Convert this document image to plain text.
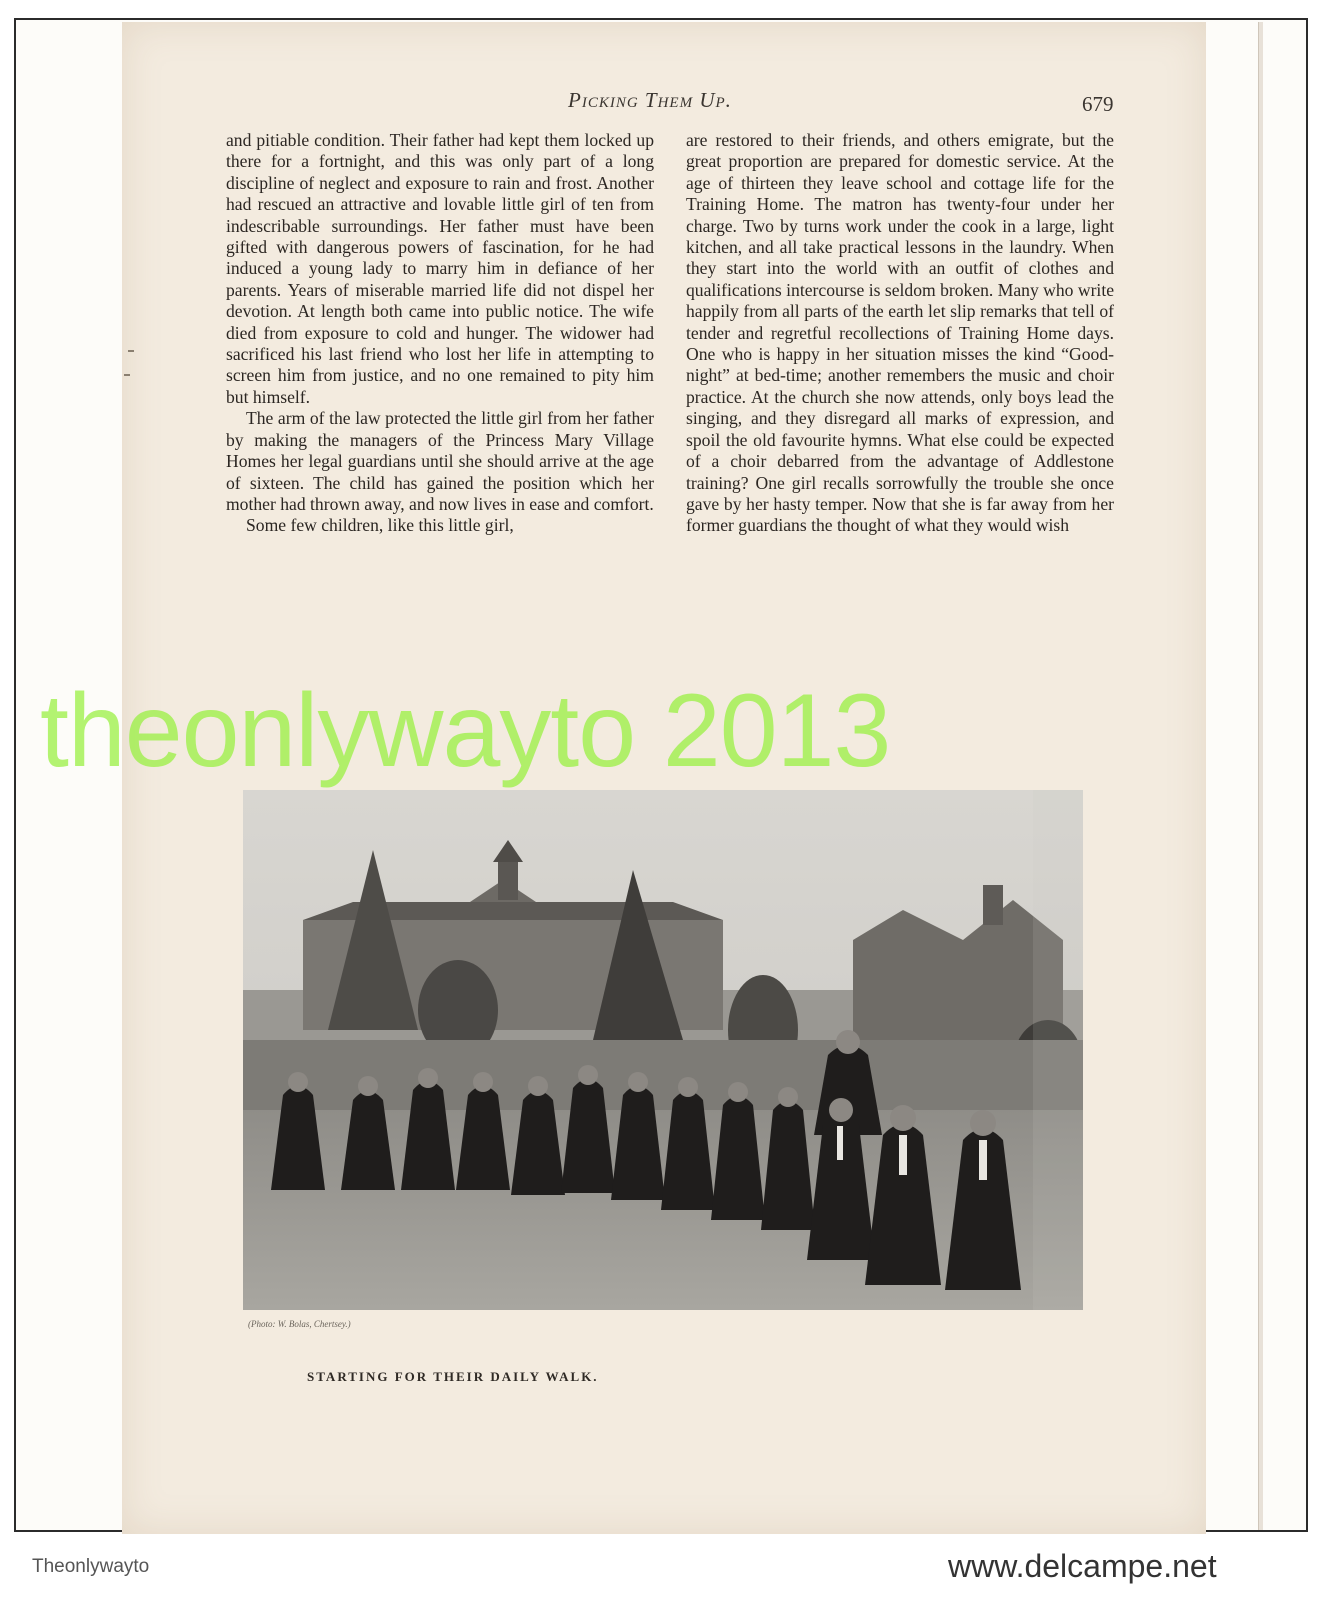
Picking Them Up.	679

and pitiable condition. Their father had kept them locked up there for a fortnight, and this was only part of a long discipline of neglect and exposure to rain and frost. Another had rescued an attractive and lovable little girl of ten from indescribable surroundings. Her father must have been gifted with dangerous powers of fascination, for he had induced a young lady to marry him in defiance of her parents. Years of miserable married life did not dispel her devotion. At length both came into public notice. The wife died from exposure to cold and hunger. The widower had sacrificed his last friend who lost her life in attempting to screen him from justice, and no one remained to pity him but himself.

The arm of the law protected the little girl from her father by making the managers of the Princess Mary Village Homes her legal guardians until she should arrive at the age of sixteen. The child has gained the position which her mother had thrown away, and now lives in ease and comfort.

Some few children, like this little girl,

are restored to their friends, and others emigrate, but the great proportion are prepared for domestic service. At the age of thirteen they leave school and cottage life for the Training Home. The matron has twenty-four under her charge. Two by turns work under the cook in a large, light kitchen, and all take practical lessons in the laundry. When they start into the world with an outfit of clothes and qualifications intercourse is seldom broken. Many who write happily from all parts of the earth let slip remarks that tell of tender and regretful recollections of Training Home days. One who is happy in her situation misses the kind “Good-night” at bed-time; another remembers the music and choir practice. At the church she now attends, only boys lead the singing, and they disregard all marks of expression, and spoil the old favourite hymns. What else could be expected of a choir debarred from the advantage of Addlestone training? One girl recalls sorrowfully the trouble she once gave by her hasty temper. Now that she is far away from her former guardians the thought of what they would wish

(Photo: W. Bolas, Chertsey.)
STARTING FOR THEIR DAILY WALK.
theonlywayto 2013
Theonlywayto	www.delcampe.net
